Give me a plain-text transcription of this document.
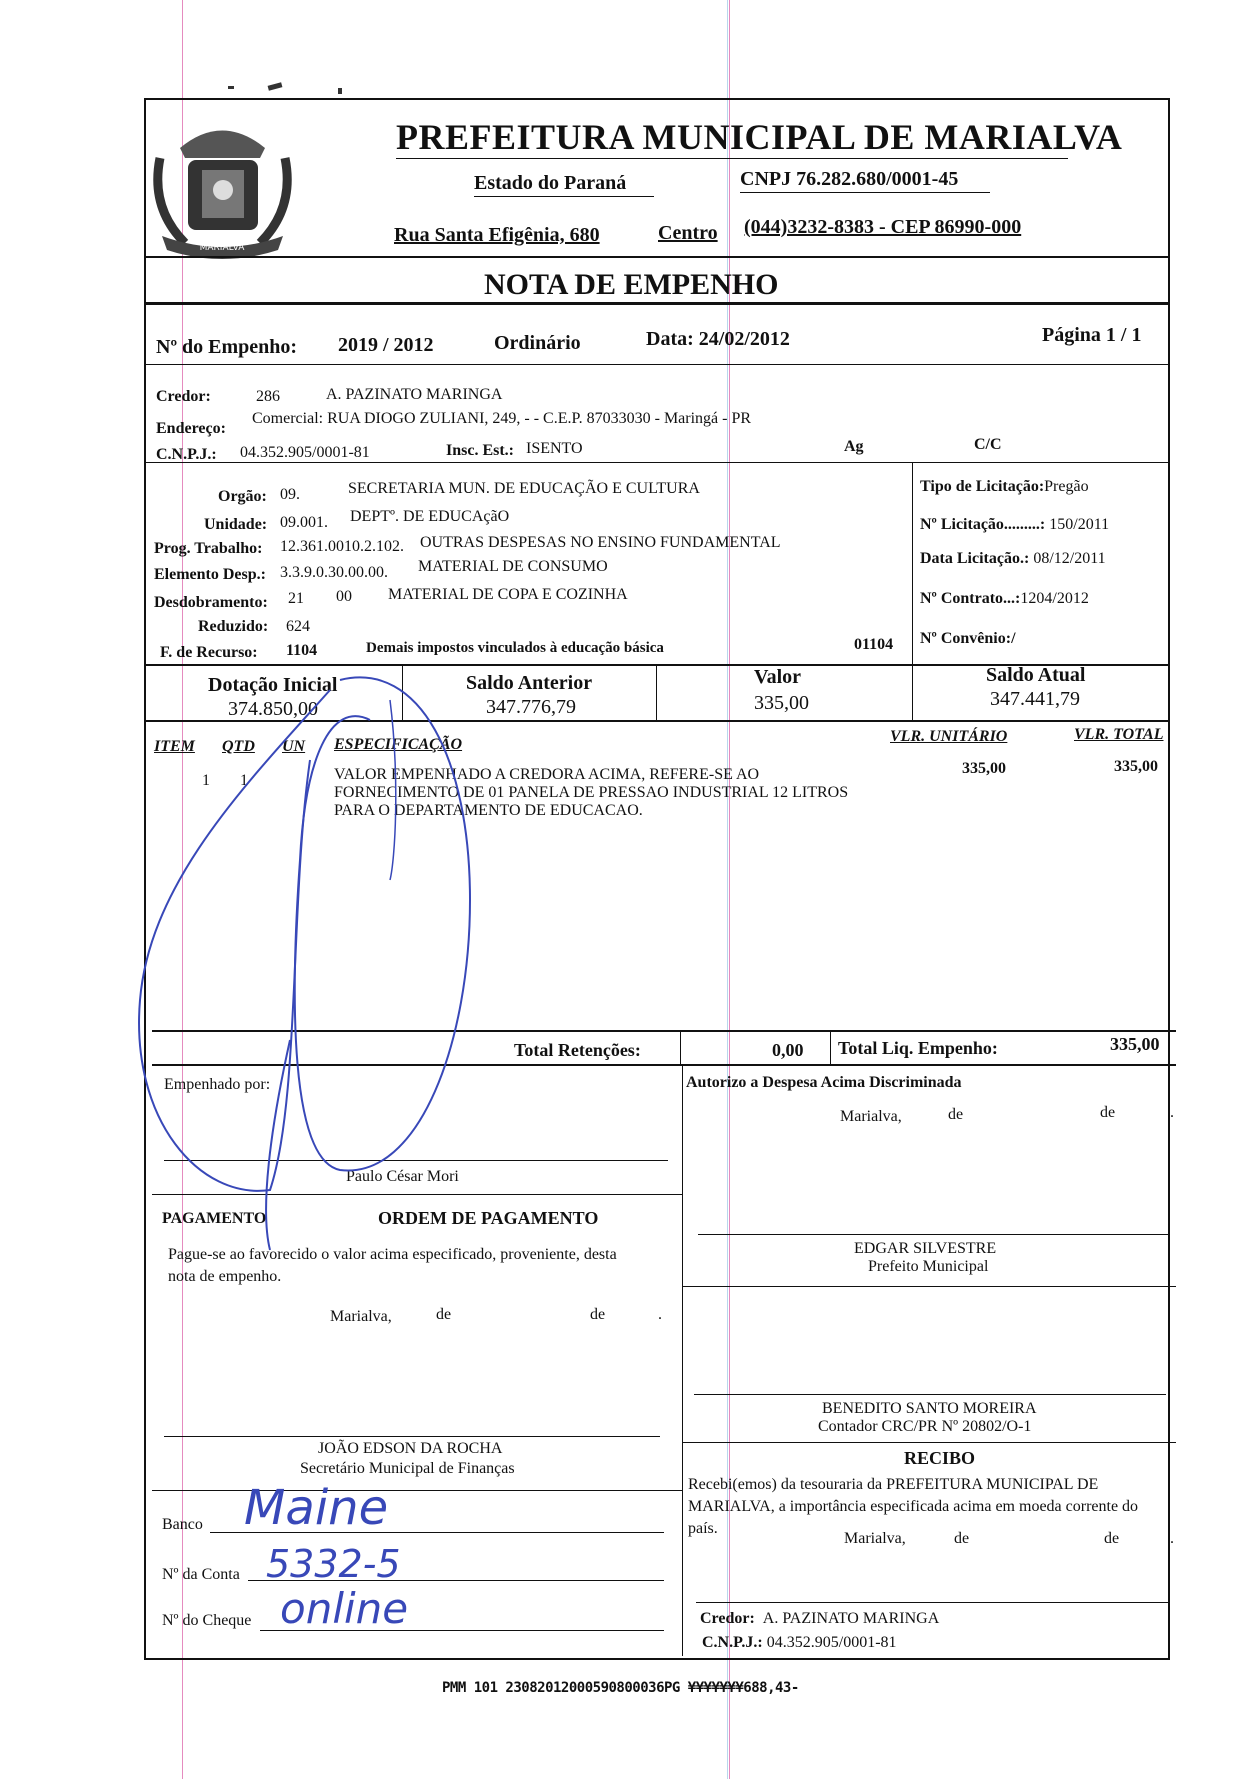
MARIALVA
PREFEITURA MUNICIPAL DE MARIALVA
Estado do Paraná	CNPJ 76.282.680/0001-45
Rua Santa Efigênia, 680	Centro (044)3232-8383 - CEP 86990-000
NOTA DE EMPENHO
Nº do Empenho: 2019 / 2012	Ordinário	Data: 24/02/2012	Página 1 / 1
Credor:	286	A. PAZINATO MARINGA
Endereço:
Comercial: RUA DIOGO ZULIANI, 249, - - C.E.P. 87033030 - Maringá - PR
C.N.P.J.: 04.352.905/0001-81	Insc. Est.: ISENTO	Ag	C/C
Orgão: 09.	SECRETARIA MUN. DE EDUCAÇÃO E CULTURA
Unidade: 09.001. DEPTº. DE EDUCAçãO
Prog. Trabalho: 12.361.0010.2.102. OUTRAS DESPESAS NO ENSINO FUNDAMENTAL
Elemento Desp.: 3.3.9.0.30.00.00. MATERIAL DE CONSUMO
Desdobramento: 21 00 MATERIAL DE COPA E COZINHA
Reduzido: 624
F. de Recurso: 1104	Demais impostos vinculados à educação básica	01104
Tipo de Licitação:Pregão
Nº Licitação.........: 150/2011
Data Licitação.: 08/12/2011
Nº Contrato...:1204/2012
Nº Convênio:/
Dotação Inicial
374.850,00
Saldo Anterior
347.776,79
Valor
335,00
Saldo Atual
347.441,79
ITEM QTD UN ESPECIFICAÇÃO	VLR. UNITÁRIO	VLR. TOTAL
1 1	VALOR EMPENHADO A CREDORA ACIMA, REFERE-SE AO
FORNECIMENTO DE 01 PANELA DE PRESSAO INDUSTRIAL 12 LITROS
PARA O DEPARTAMENTO DE EDUCACAO.
335,00	335,00
Total Retenções:	0,00 Total Liq. Empenho:	335,00
Empenhado por:
Paulo César Mori
PAGAMENTO	ORDEM DE PAGAMENTO
Pague-se ao favorecido o valor acima especificado, proveniente, desta
nota de empenho.
Marialva,	de	de	.
JOÃO EDSON DA ROCHA
Secretário Municipal de Finanças
Banco Maine
Nº da Conta 5332-5
Nº do Cheque online
Autorizo a Despesa Acima Discriminada
Marialva,	de	de	.
EDGAR SILVESTRE
Prefeito Municipal
BENEDITO SANTO MOREIRA
Contador CRC/PR Nº 20802/O-1
RECIBO
Recebi(emos) da tesouraria da PREFEITURA MUNICIPAL DE
MARIALVA, a importância especificada acima em moeda corrente do
país.
Marialva,	de	de	.
Credor: A. PAZINATO MARINGA
C.N.P.J.: 04.352.905/0001-81
PMM 101 23082012000590800036PG ¥¥¥¥¥¥¥688,43-
